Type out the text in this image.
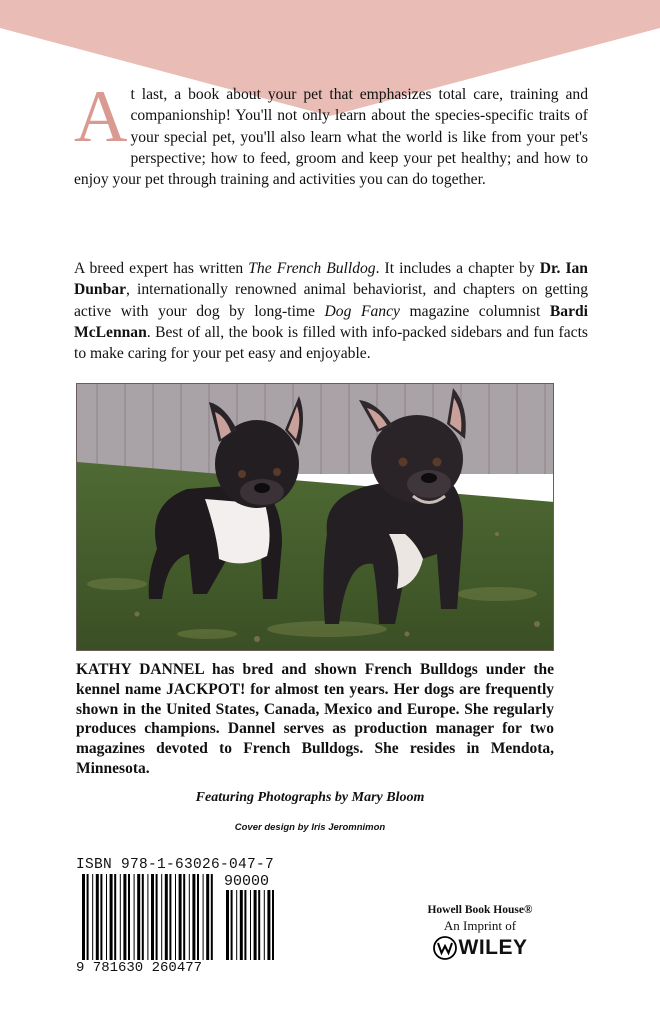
At last, a book about your pet that emphasizes total care, training and companionship! You'll not only learn about the species-specific traits of your special pet, you'll also learn what the world is like from your pet's perspective; how to feed, groom and keep your pet healthy; and how to enjoy your pet through training and activities you can do together.

A breed expert has written The French Bulldog. It includes a chapter by Dr. Ian Dunbar, internationally renowned animal behaviorist, and chapters on getting active with your dog by long-time Dog Fancy magazine columnist Bardi McLennan. Best of all, the book is filled with info-packed sidebars and fun facts to make caring for your pet easy and enjoyable.

KATHY DANNEL has bred and shown French Bulldogs under the kennel name JACKPOT! for almost ten years. Her dogs are frequently shown in the United States, Canada, Mexico and Europe. She regularly produces champions. Dannel serves as production manager for two magazines devoted to French Bulldogs. She resides in Mendota, Minnesota.

Featuring Photographs by Mary Bloom
Cover design by Iris Jeromnimon
ISBN 978-1-63026-047-7
90000
9 781630 260477
Howell Book House®
An Imprint of
WILEY
